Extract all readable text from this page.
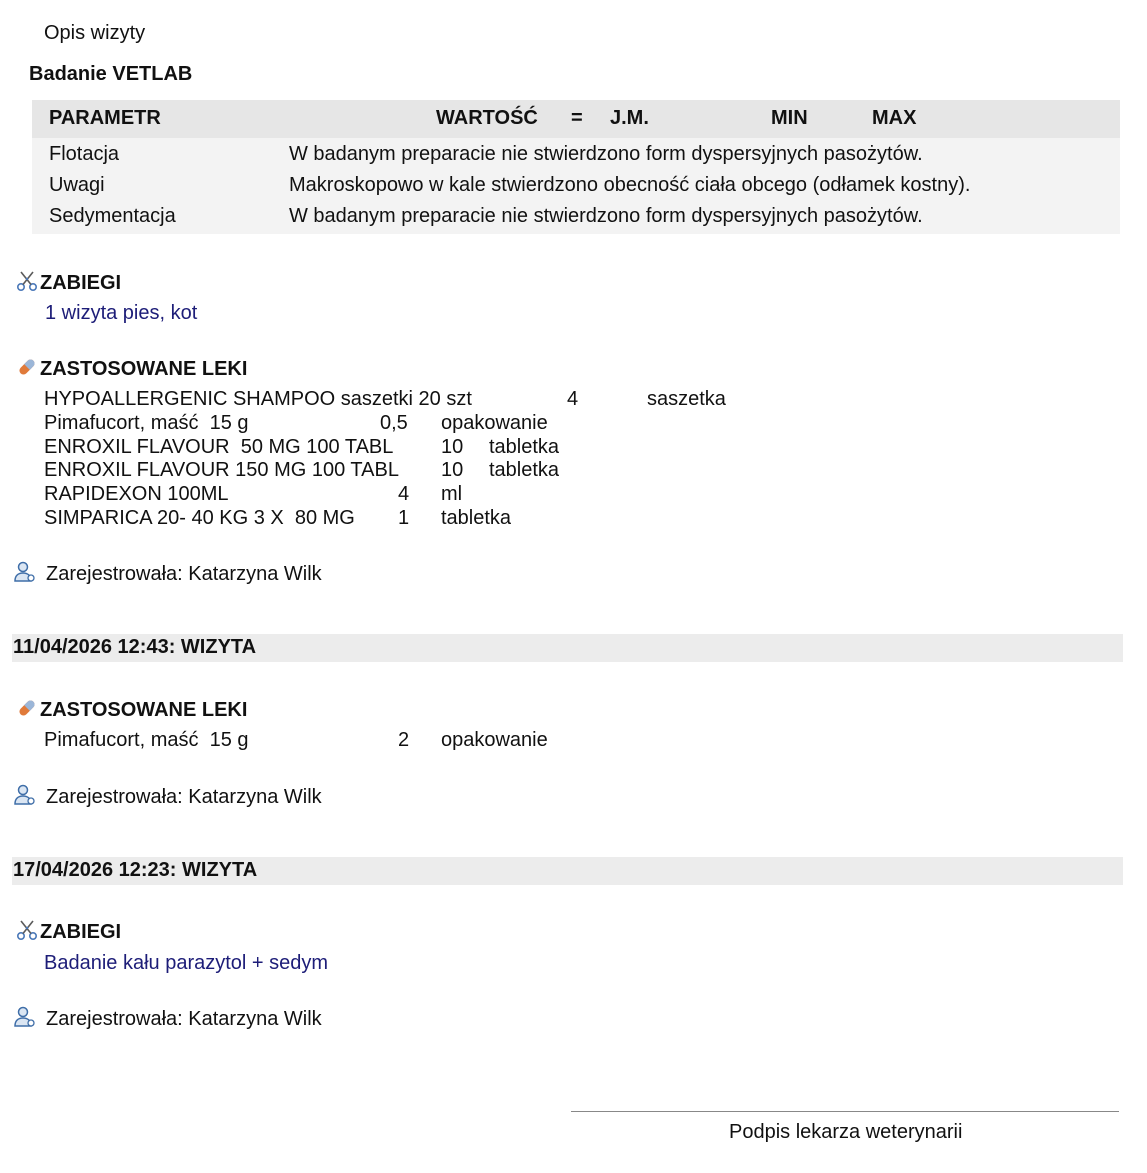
Opis wizyty
Badanie VETLAB
PARAMETR	WARTOŚĆ = J.M.	MIN	MAX
Flotacja	W badanym preparacie nie stwierdzono form dyspersyjnych pasożytów.
Uwagi	Makroskopowo w kale stwierdzono obecność ciała obcego (odłamek kostny).
Sedymentacja	W badanym preparacie nie stwierdzono form dyspersyjnych pasożytów.
ZABIEGI
1 wizyta pies, kot
ZASTOSOWANE LEKI
HYPOALLERGENIC SHAMPOO saszetki 20 szt	4	saszetka
Pimafucort, maść  15 g	0,5 opakowanie
ENROXIL FLAVOUR  50 MG 100 TABL 10 tabletka
ENROXIL FLAVOUR 150 MG 100 TABL 10 tabletka
RAPIDEXON 100ML	4 ml
SIMPARICA 20- 40 KG 3 X  80 MG 1 tabletka
Zarejestrowała: Katarzyna Wilk
11/04/2026 12:43: WIZYTA
ZASTOSOWANE LEKI
Pimafucort, maść  15 g	2 opakowanie
Zarejestrowała: Katarzyna Wilk
17/04/2026 12:23: WIZYTA
ZABIEGI
Badanie kału parazytol + sedym
Zarejestrowała: Katarzyna Wilk
Podpis lekarza weterynarii
